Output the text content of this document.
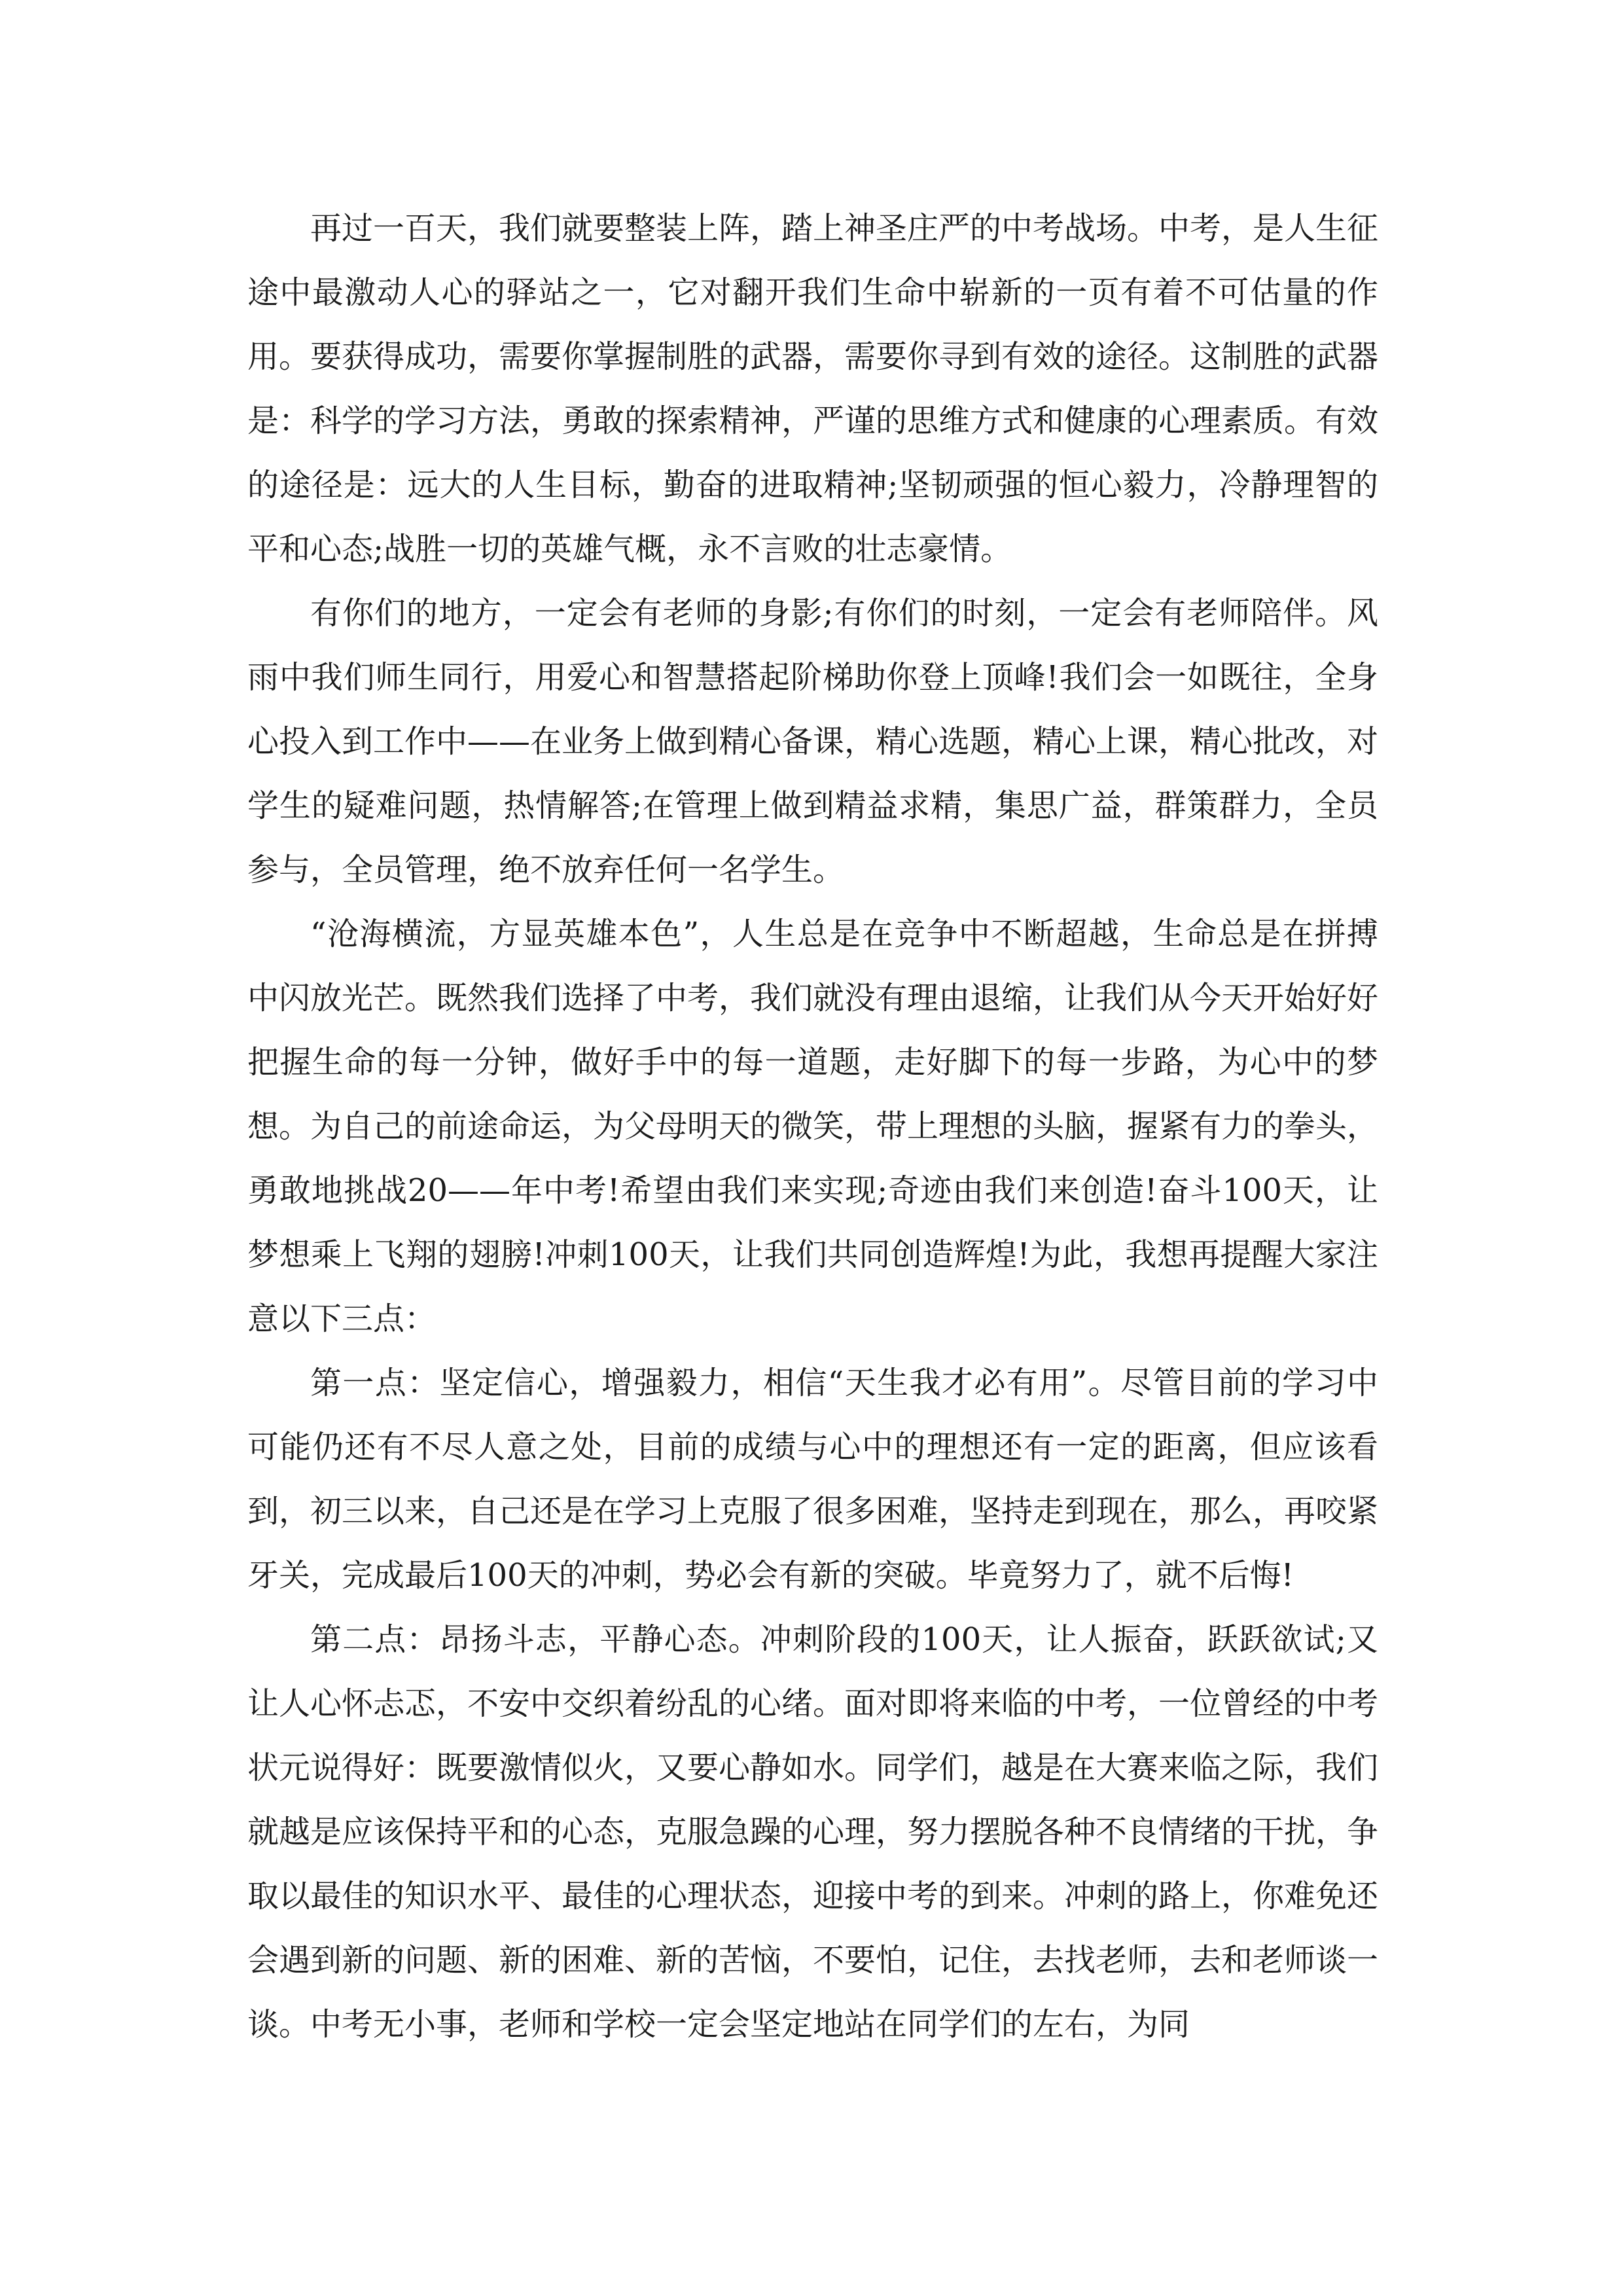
再过一百天，我们就要整装上阵，踏上神圣庄严的中考战场。中考，是人生征途中最激动人心的驿站之一，它对翻开我们生命中崭新的一页有着不可估量的作用。要获得成功，需要你掌握制胜的武器，需要你寻到有效的途径。这制胜的武器是：科学的学习方法，勇敢的探索精神，严谨的思维方式和健康的心理素质。有效的途径是：远大的人生目标，勤奋的进取精神;坚韧顽强的恒心毅力，冷静理智的平和心态;战胜一切的英雄气概，永不言败的壮志豪情。

有你们的地方，一定会有老师的身影;有你们的时刻，一定会有老师陪伴。风雨中我们师生同行，用爱心和智慧搭起阶梯助你登上顶峰!我们会一如既往，全身心投入到工作中——在业务上做到精心备课，精心选题，精心上课，精心批改，对学生的疑难问题，热情解答;在管理上做到精益求精，集思广益，群策群力，全员参与，全员管理，绝不放弃任何一名学生。

“沧海横流，方显英雄本色”，人生总是在竞争中不断超越，生命总是在拼搏中闪放光芒。既然我们选择了中考，我们就没有理由退缩，让我们从今天开始好好把握生命的每一分钟，做好手中的每一道题，走好脚下的每一步路，为心中的梦想。为自己的前途命运，为父母明天的微笑，带上理想的头脑，握紧有力的拳头，勇敢地挑战20——年中考!希望由我们来实现;奇迹由我们来创造!奋斗100天，让梦想乘上飞翔的翅膀!冲刺100天，让我们共同创造辉煌!为此，我想再提醒大家注意以下三点：

第一点：坚定信心，增强毅力，相信“天生我才必有用”。尽管目前的学习中可能仍还有不尽人意之处，目前的成绩与心中的理想还有一定的距离，但应该看到，初三以来，自己还是在学习上克服了很多困难，坚持走到现在，那么，再咬紧牙关，完成最后100天的冲刺，势必会有新的突破。毕竟努力了，就不后悔!

第二点：昂扬斗志，平静心态。冲刺阶段的100天，让人振奋，跃跃欲试;又让人心怀忐忑，不安中交织着纷乱的心绪。面对即将来临的中考，一位曾经的中考状元说得好：既要激情似火，又要心静如水。同学们，越是在大赛来临之际，我们就越是应该保持平和的心态，克服急躁的心理，努力摆脱各种不良情绪的干扰，争取以最佳的知识水平、最佳的心理状态，迎接中考的到来。冲刺的路上，你难免还会遇到新的问题、新的困难、新的苦恼，不要怕，记住，去找老师，去和老师谈一谈。中考无小事，老师和学校一定会坚定地站在同学们的左右，为同
